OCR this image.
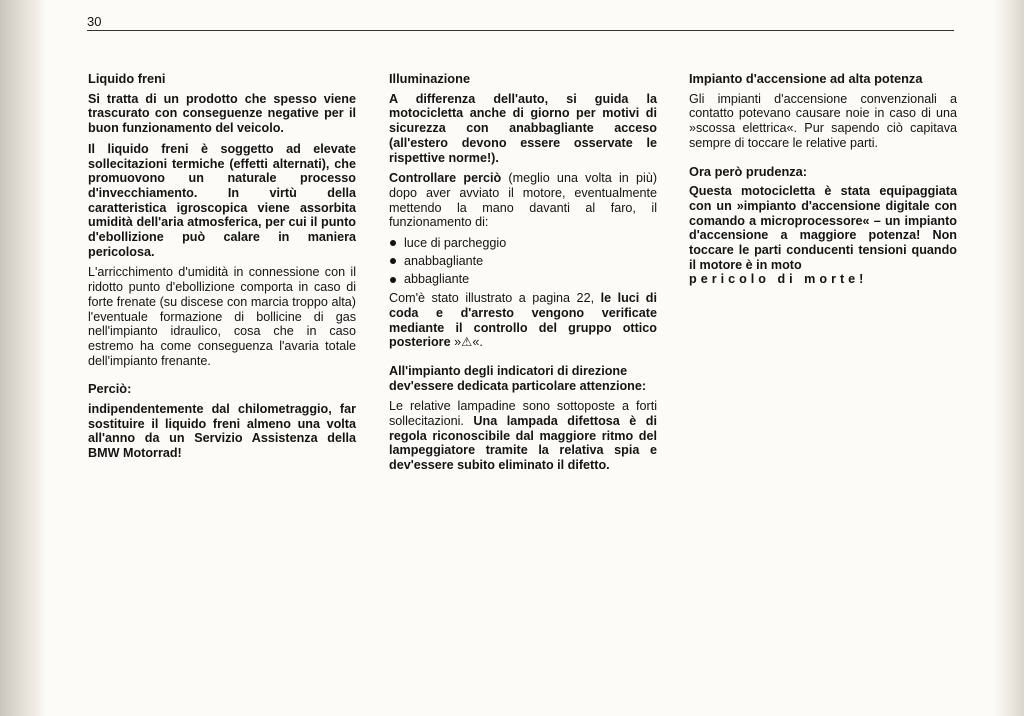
30
Liquido freni

Si tratta di un prodotto che spesso viene trascurato con conseguenze negative per il buon funzionamento del veicolo.

Il liquido freni è soggetto ad elevate sollecitazioni termiche (effetti alternati), che promuovono un naturale processo d'invecchiamento. In virtù della caratteristica igroscopica viene assorbita umidità dell'aria atmosferica, per cui il punto d'ebollizione può calare in maniera pericolosa.

L'arricchimento d'umidità in connessione con il ridotto punto d'ebollizione comporta in caso di forte frenate (su discese con marcia troppo alta) l'eventuale formazione di bollicine di gas nell'impianto idraulico, cosa che in caso estremo ha come conseguenza l'avaria totale dell'impianto frenante.

Perciò:

indipendentemente dal chilometraggio, far sostituire il liquido freni almeno una volta all'anno da un Servizio Assistenza della BMW Motorrad!

Illuminazione

A differenza dell'auto, si guida la motocicletta anche di giorno per motivi di sicurezza con anabbagliante acceso (all'estero devono essere osservate le rispettive norme!).

Controllare perciò (meglio una volta in più) dopo aver avviato il motore, eventualmente mettendo la mano davanti al faro, il funzionamento di:

luce di parcheggio
anabbagliante
abbagliante

Com'è stato illustrato a pagina 22, le luci di coda e d'arresto vengono verificate mediante il controllo del gruppo ottico posteriore »⚠«.

All'impianto degli indicatori di direzione dev'essere dedicata particolare attenzione:

Le relative lampadine sono sottoposte a forti sollecitazioni. Una lampada difettosa è di regola riconoscibile dal maggiore ritmo del lampeggiatore tramite la relativa spia e dev'essere subito eliminato il difetto.

Impianto d'accensione ad alta potenza

Gli impianti d'accensione convenzionali a contatto potevano causare noie in caso di una »scossa elettrica«. Pur sapendo ciò capitava sempre di toccare le relative parti.

Ora però prudenza:

Questa motocicletta è stata equipaggiata con un »impianto d'accensione digitale con comando a microprocessore« – un impianto d'accensione a maggiore potenza! Non toccare le parti conducenti tensioni quando il motore è in moto
pericolo di morte!
